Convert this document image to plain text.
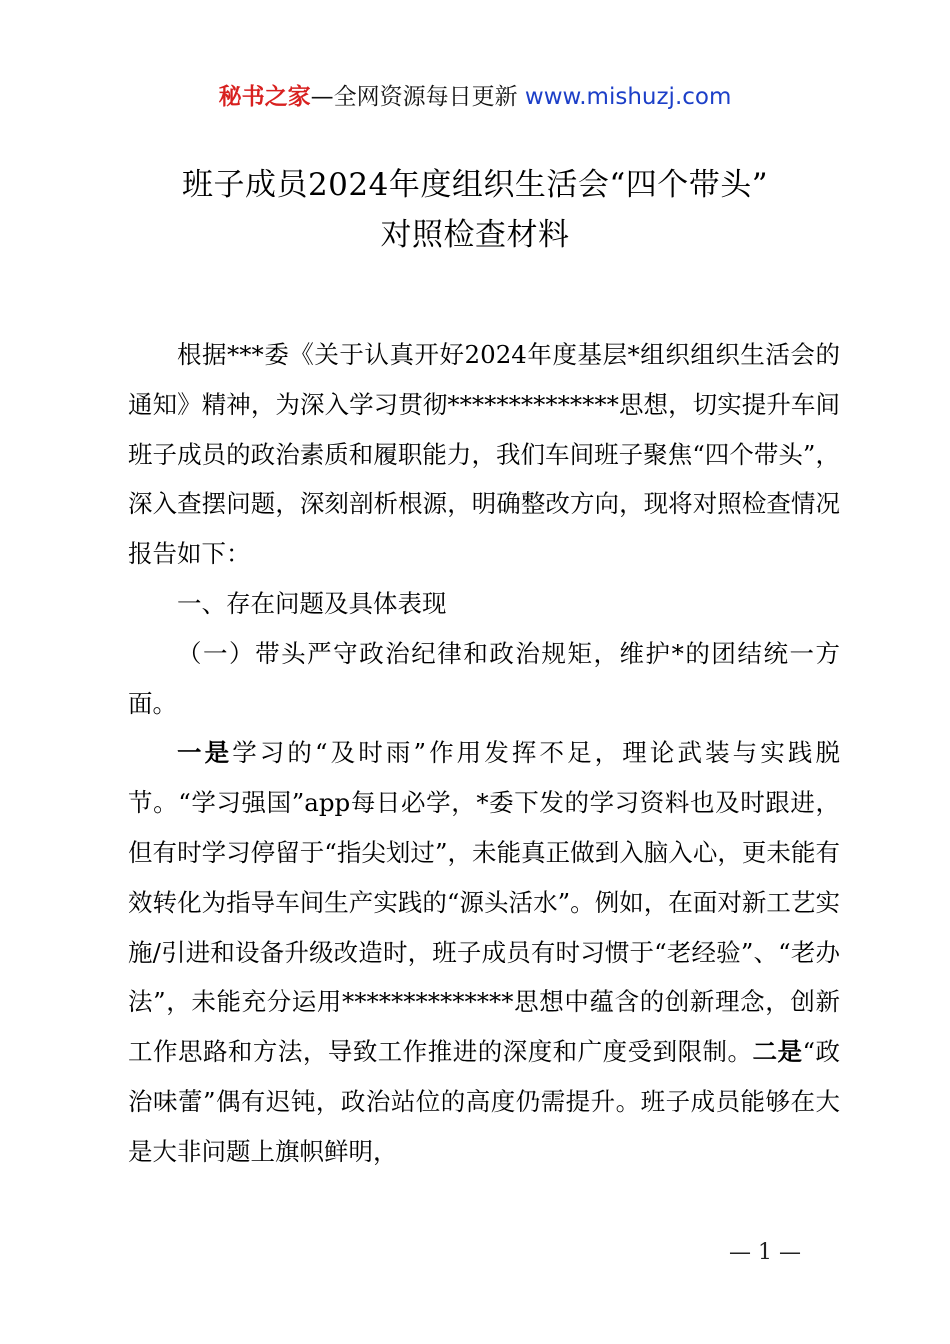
秘书之家—全网资源每日更新 www.mishuzj.com
班子成员2024年度组织生活会“四个带头”
对照检查材料

根据***委《关于认真开好2024年度基层*组织组织生活会的通知》精神，为深入学习贯彻**************思想，切实提升车间班子成员的政治素质和履职能力，我们车间班子聚焦“四个带头”，深入查摆问题，深刻剖析根源，明确整改方向，现将对照检查情况报告如下：

一、存在问题及具体表现

（一）带头严守政治纪律和政治规矩，维护*的团结统一方面。

一是学习的“及时雨”作用发挥不足，理论武装与实践脱节。“学习强国”app每日必学，*委下发的学习资料也及时跟进，但有时学习停留于“指尖划过”，未能真正做到入脑入心，更未能有效转化为指导车间生产实践的“源头活水”。例如，在面对新工艺实施/引进和设备升级改造时，班子成员有时习惯于“老经验”、“老办法”，未能充分运用**************思想中蕴含的创新理念，创新工作思路和方法，导致工作推进的深度和广度受到限制。二是“政治味蕾”偶有迟钝，政治站位的高度仍需提升。班子成员能够在大是大非问题上旗帜鲜明，

— 1 —
